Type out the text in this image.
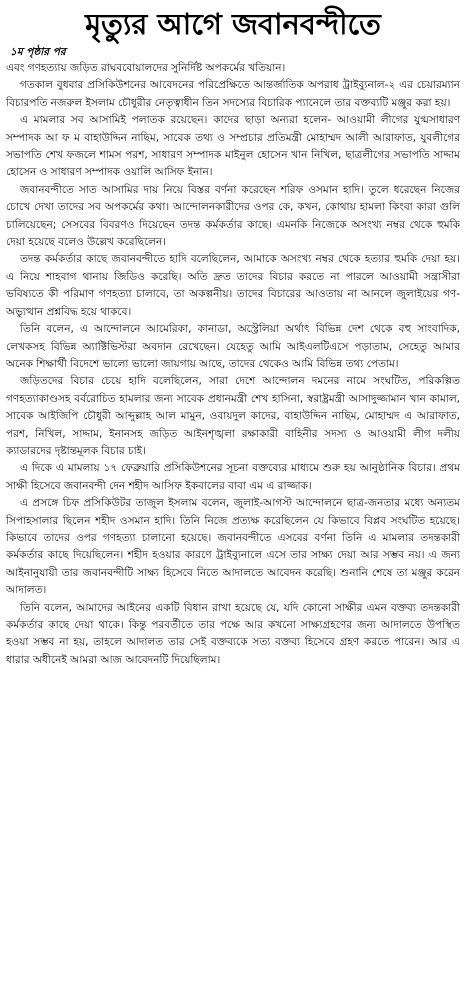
মৃত্যুর আগে জবানবন্দীতে
১ম পৃষ্ঠার পর

এবং গণহত্যায় জড়িত রাঘববোয়ালদের সুনির্দিষ্ট অপকর্মের খতিয়ান।

গতকাল বুধবার প্রসিকিউশনের আবেদনের পরিপ্রেক্ষিতে আন্তর্জাতিক অপরাধ ট্রাইব্যুনাল-২ এর চেয়ারম্যান বিচারপতি নজরুল ইসলাম চৌধুরীর নেতৃত্বাধীন তিন সদস্যের বিচারিক প্যানেলে তার বক্তব্যটি মঞ্জুর করা হয়।

এ মামলার সব আসামিই পলাতক রয়েছেন। কাদের ছাড়া অন্যরা হলেন- আওয়ামী লীগের যুগ্মসাধারণ সম্পাদক আ ফ ম বাহাউদ্দিন নাছিম, সাবেক তথ্য ও সম্প্রচার প্রতিমন্ত্রী মোহাম্মদ আলী আরাফাত, যুবলীগের সভাপতি শেখ ফজলে শামস পরশ, সাধারণ সম্পাদক মাইনুল হোসেন খান নিখিল, ছাত্রলীগের সভাপতি সাদ্দাম হোসেন ও সাধারণ সম্পাদক ওয়ালি আসিফ ইনান।

জবানবন্দীতে সাত আসামির দায় নিয়ে বিস্তর বর্ণনা করেছেন শরিফ ওসমান হাদি। তুলে ধরেছেন নিজের চোখে দেখা তাদের সব অপকর্মের কথা। আন্দোলনকারীদের ওপর কে, কখন, কোথায় হামলা কিংবা কারা গুলি চালিয়েছেন; সেসবের বিবরণও দিয়েছেন তদন্ত কর্মকর্তার কাছে। এমনকি নিজেকে অসংখ্য নম্বর থেকে হুমকি দেয়া হয়েছে বলেও উল্লেখ করেছিলেন।

তদন্ত কর্মকর্তার কাছে জবানবন্দীতে হাদি বলেছিলেন, আমাকে অসংখ্য নম্বর থেকে হত্যার হুমকি দেয়া হয়। এ নিয়ে শাহবাগ থানায় জিডিও করেছি। অতি দ্রুত তাদের বিচার করতে না পারলে আওয়ামী সন্ত্রাসীরা ভবিষ্যতে কী পরিমাণ গণহত্যা চালাবে, তা অকল্পনীয়। তাদের বিচারের আওতায় না আনলে জুলাইয়ের গণ-অভ্যুত্থান প্রশ্নবিদ্ধ হয়ে থাকবে।

তিনি বলেন, এ আন্দোলনে আমেরিকা, কানাডা, অস্ট্রেলিয়া অর্থাৎ বিভিন্ন দেশ থেকে বহু সাংবাদিক, লেখকসহ বিভিন্ন অ্যাক্টিভিস্টরা অবদান রেখেছেন। যেহেতু আমি আইএলটিএসে পড়াতাম, সেহেতু আমার অনেক শিক্ষার্থী বিদেশে ভালো ভালো জায়গায় আছে, তাদের থেকেও আমি বিভিন্ন তথ্য পেতাম।

জড়িতদের বিচার চেয়ে হাদি বলেছিলেন, সারা দেশে আন্দোলন দমনের নামে সংঘটিত, পরিকল্পিত গণহত্যাকাণ্ডসহ বর্বরোচিত হামলার জন্য সাবেক প্রধানমন্ত্রী শেখ হাসিনা, স্বরাষ্ট্রমন্ত্রী আসাদুজ্জামান খান কামাল, সাবেক আইজিপি চৌধুরী আব্দুল্লাহ আল মামুন, ওবায়দুল কাদের, বাহাউদ্দিন নাছিম, মোহাম্মদ এ আরাফাত, পরশ, নিখিল, সাদ্দাম, ইনানসহ জড়িত আইনশৃঙ্খলা রক্ষাকারী বাহিনীর সদস্য ও আওয়ামী লীগ দলীয় ক্যাডারদের দৃষ্টান্তমূলক বিচার চাই।

এ দিকে এ মামলায় ১৭ ফেব্রুয়ারি প্রসিকিউশনের সূচনা বক্তব্যের মাধ্যমে শুরু হয় আনুষ্ঠানিক বিচার। প্রথম সাক্ষী হিসেবে জবানবন্দী দেন শহীদ আসিফ ইকবালের বাবা এম এ রাজ্জাক।

এ প্রসঙ্গে চিফ প্রসিকিউটর তাজুল ইসলাম বলেন, জুলাই-আগস্ট আন্দোলনে ছাত্র-জনতার মধ্যে অন্যতম সিপাহসালার ছিলেন শহীদ ওসমান হাদি। তিনি নিজে প্রত্যক্ষ করেছিলেন যে কিভাবে বিপ্লব সংঘটিত হয়েছে। কিভাবে তাদের ওপর গণহত্যা চালানো হয়েছে। জবানবন্দীতে এসবের বর্ণনা তিনি এ মামলার তদন্তকারী কর্মকর্তার কাছে দিয়েছিলেন। শহীদ হওয়ার কারণে ট্রাইব্যুনালে এসে তার সাক্ষ্য দেয়া আর সম্ভব নয়। এ জন্য আইনানুযায়ী তার জবানবন্দীটি সাক্ষ্য হিসেবে নিতে আদালতে আবেদন করেছি। শুনানি শেষে তা মঞ্জুর করেন আদালত।

তিনি বলেন, আমাদের আইনের একটি বিধান রাখা হয়েছে যে, যদি কোনো সাক্ষীর এমন বক্তব্য তদন্তকারী কর্মকর্তার কাছে দেয়া থাকে। কিন্তু পরবর্তীতে তার পক্ষে আর কখনো সাক্ষ্যগ্রহণের জন্য আদালতে উপস্থিত হওয়া সম্ভব না হয়, তাহলে আদালত তার সেই বক্তব্যকে সত্য বক্তব্য হিসেবে গ্রহণ করতে পারেন। আর এ ধারার অধীনেই আমরা আজ আবেদনটি দিয়েছিলাম।
